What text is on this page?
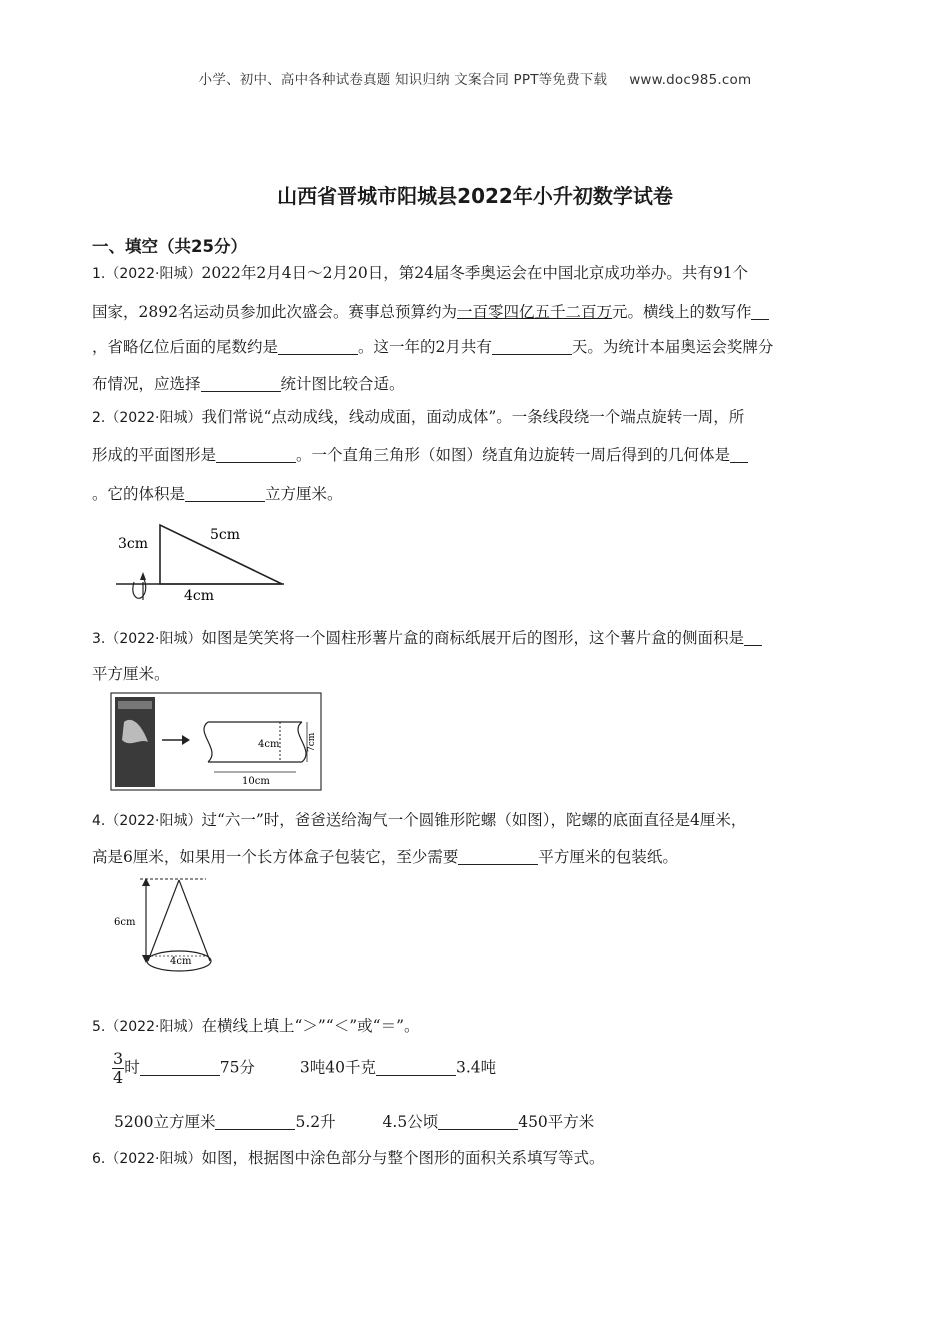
小学、初中、高中各种试卷真题 知识归纳 文案合同 PPT等免费下载 www.doc985.com
山西省晋城市阳城县2022年小升初数学试卷
一、填空（共25分）
1.（2022·阳城）2022年2月4日～2月20日，第24届冬季奥运会在中国北京成功举办。共有91个
国家，2892名运动员参加此次盛会。赛事总预算约为一百零四亿五千二百万元。横线上的数写作
，省略亿位后面的尾数约是	。这一年的2月共有	天。为统计本届奥运会奖牌分
布情况，应选择	统计图比较合适。
2.（2022·阳城）我们常说“点动成线，线动成面，面动成体”。一条线段绕一个端点旋转一周，所
形成的平面图形是	。一个直角三角形（如图）绕直角边旋转一周后得到的几何体是
。它的体积是	立方厘米。
3cm
5cm
4cm
3.（2022·阳城）如图是笑笑将一个圆柱形薯片盒的商标纸展开后的图形，这个薯片盒的侧面积是
平方厘米。
4cm	7cm
10cm
4.（2022·阳城）过“六一”时，爸爸送给淘气一个圆锥形陀螺（如图），陀螺的底面直径是4厘米，
高是6厘米，如果用一个长方体盒子包装它，至少需要	平方厘米的包装纸。
6cm
4cm
5.（2022·阳城）在横线上填上“＞”“＜”或“＝”。
$\frac{3}{4}$ 时	75分	3吨40千克	3.4吨
5200立方厘米	5.2升	4.5公顷	450平方米
6.（2022·阳城）如图，根据图中涂色部分与整个图形的面积关系填写等式。
